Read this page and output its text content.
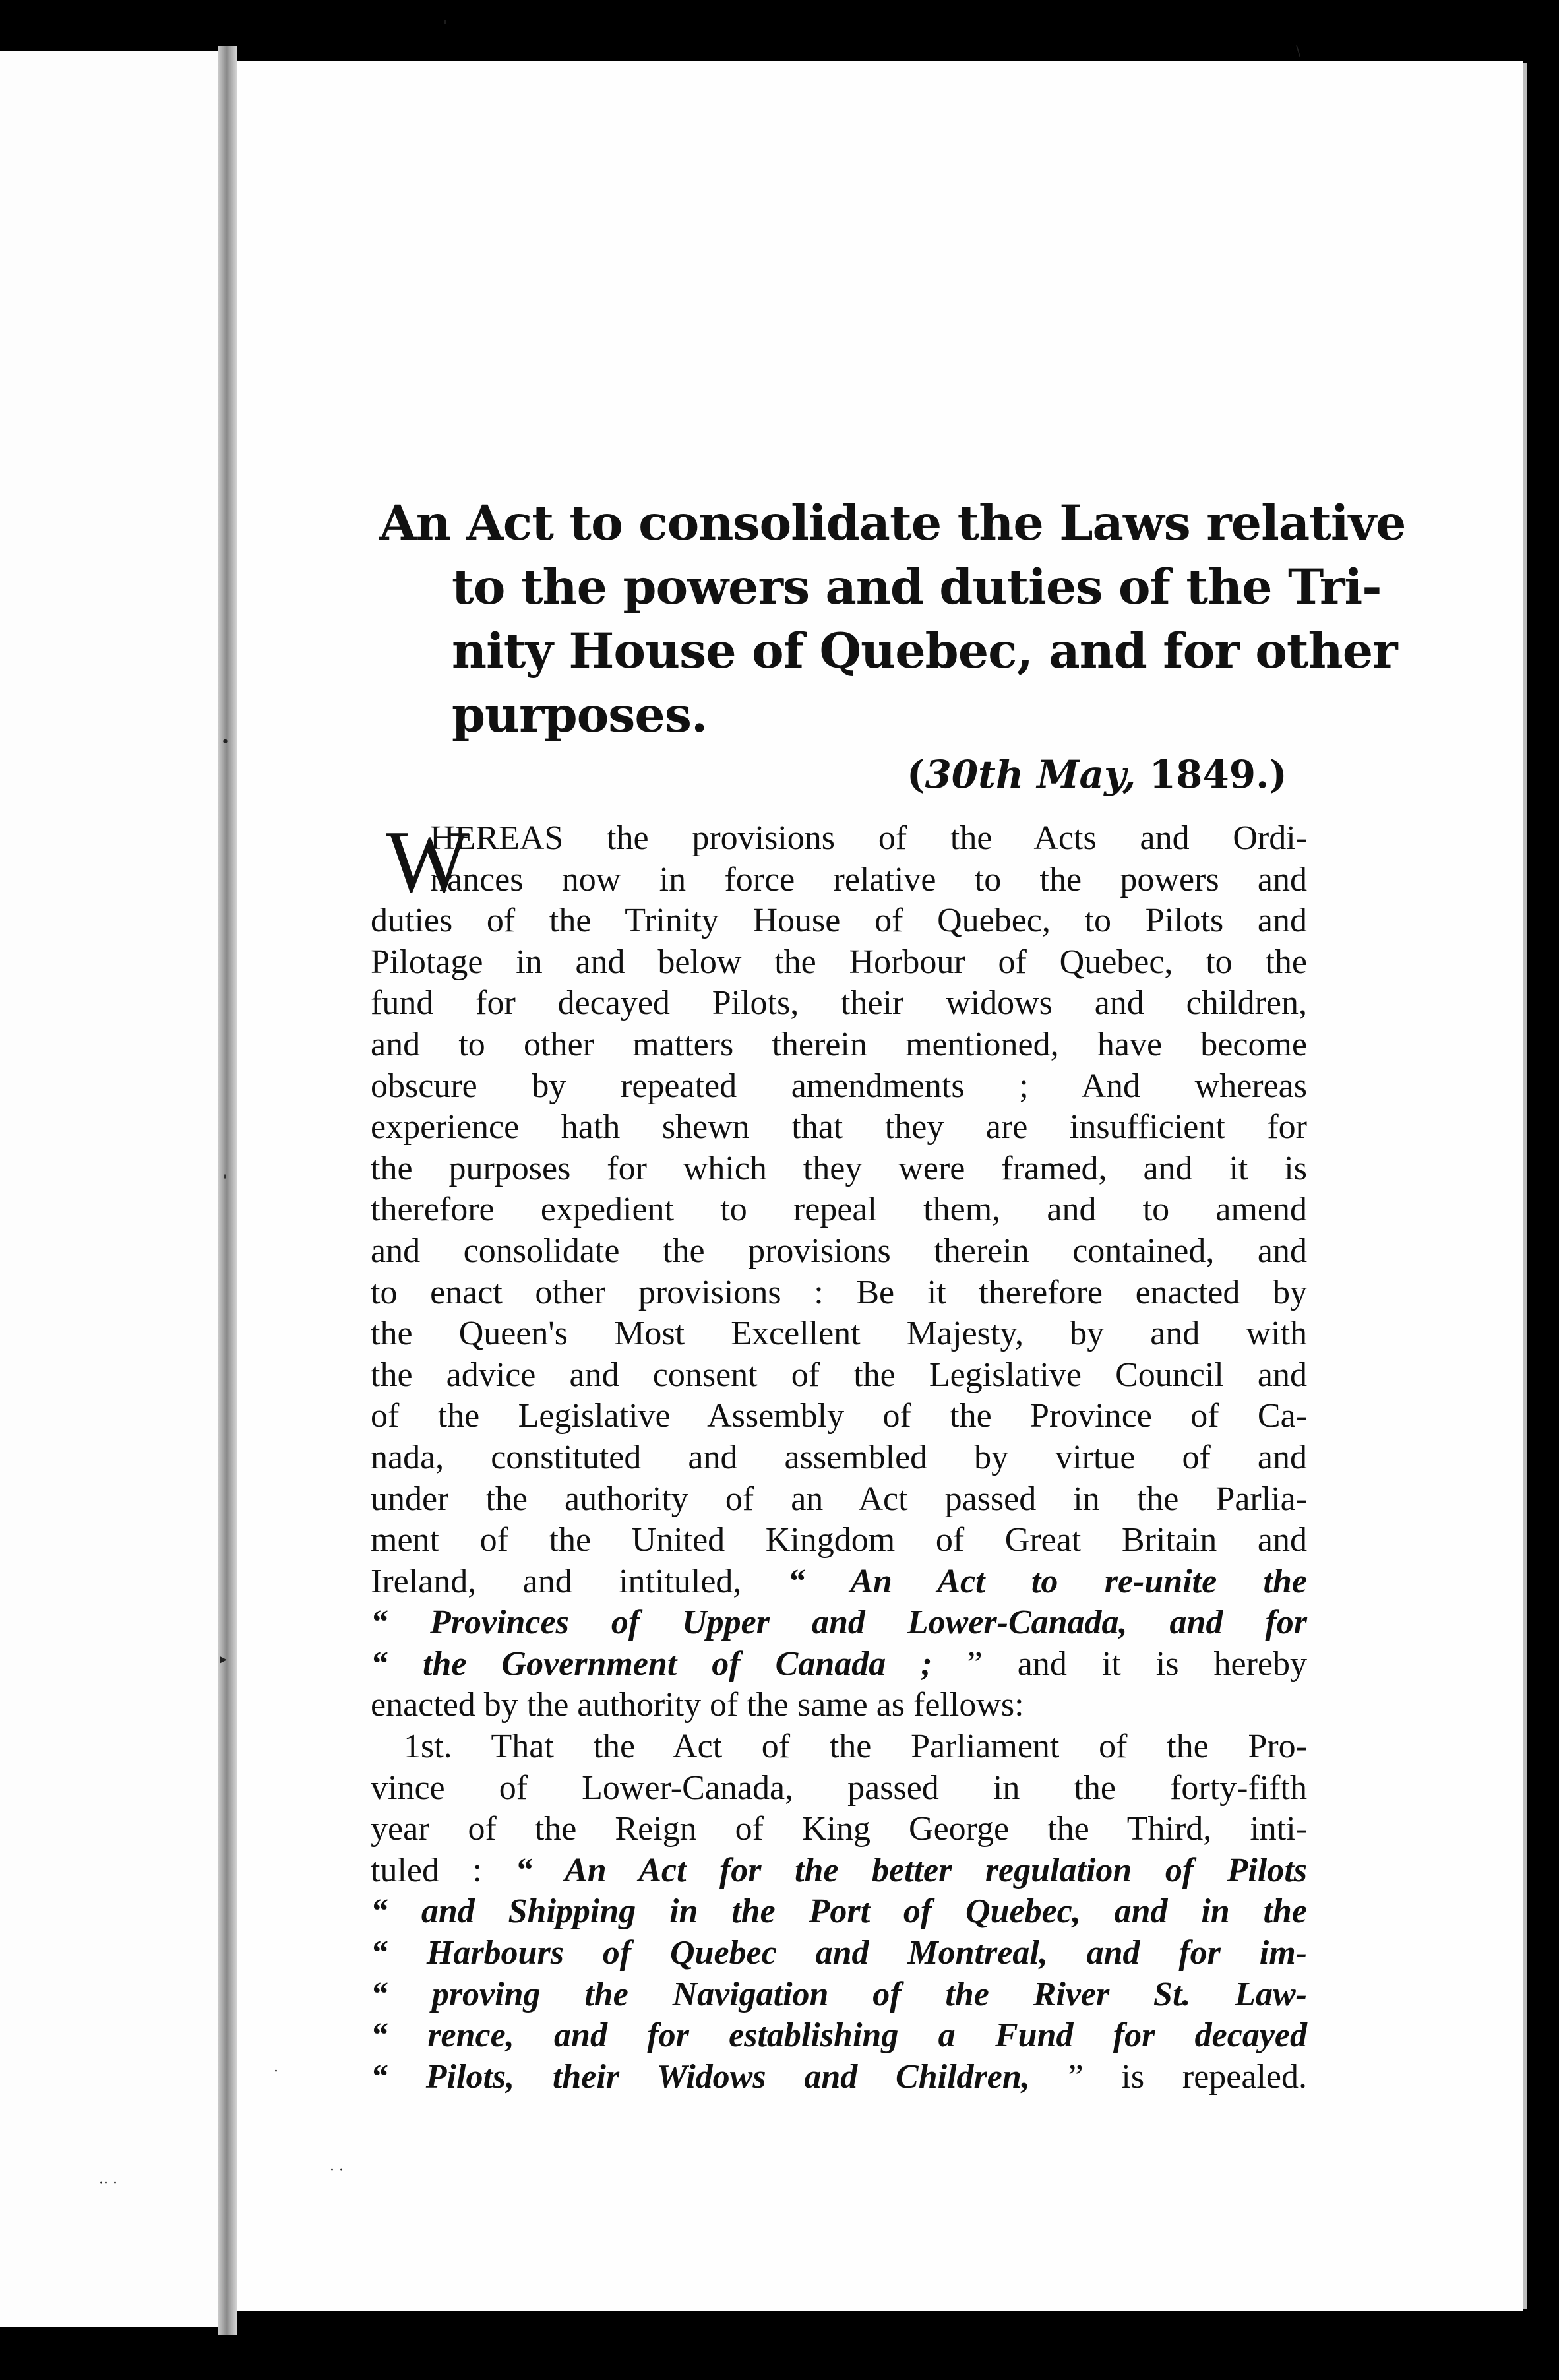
'
\
•
'
▸
·
·· ·
· ·
An Act to consolidate the Laws relative
to the powers and duties of the Tri-
nity House of Quebec, and for other
purposes.
(30th May, 1849.)
W
HEREAS the provisions of the Acts and Ordi-
nances now in force relative to the powers and
duties of the Trinity House of Quebec, to Pilots and
Pilotage in and below the Horbour of Quebec, to the
fund for decayed Pilots, their widows and children,
and to other matters therein mentioned, have become
obscure by repeated amendments ; And whereas
experience hath shewn that they are insufficient for
the purposes for which they were framed, and it is
therefore expedient to repeal them, and to amend
and consolidate the provisions therein contained, and
to enact other provisions : Be it therefore enacted by
the Queen's Most Excellent Majesty, by and with
the advice and consent of the Legislative Council and
of the Legislative Assembly of the Province of Ca-
nada, constituted and assembled by virtue of and
under the authority of an Act passed in the Parlia-
ment of the United Kingdom of Great Britain and
Ireland, and intituled, “ An Act to re-unite the
“ Provinces of Upper and Lower-Canada, and for
“ the Government of Canada ; ” and it is hereby
enacted by the authority of the same as fellows:
1st. That the Act of the Parliament of the Pro-
vince of Lower-Canada, passed in the forty-fifth
year of the Reign of King George the Third, inti-
tuled : “ An Act for the better regulation of Pilots
“ and Shipping in the Port of Quebec, and in the
“ Harbours of Quebec and Montreal, and for im-
“ proving the Navigation of the River St. Law-
“ rence, and for establishing a Fund for decayed
“ Pilots, their Widows and Children, ” is repealed.
